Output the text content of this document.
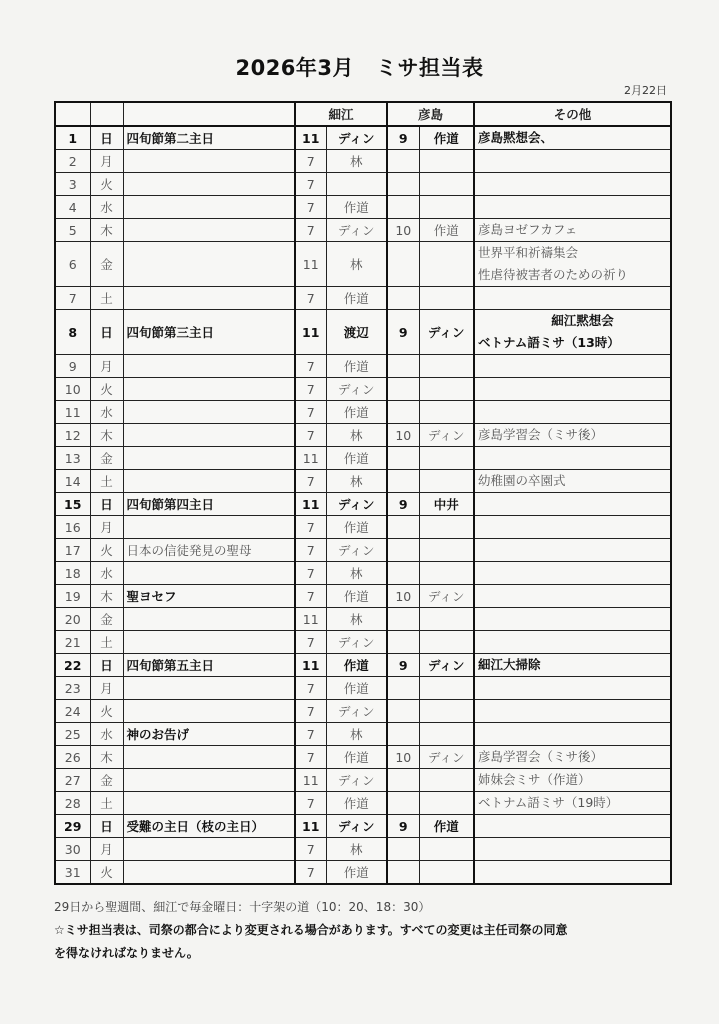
2026年3月 ミサ担当表
2月22日
			細江		彦島		その他
1	日	四旬節第二主日	11	ディン	9	作道	彦島黙想会、
2	月		7	林			
3	火		7				
4	水		7	作道			
5	木		7	ディン	10	作道	彦島ヨゼフカフェ
6	金		11	林			世界平和祈禱集会
性虐待被害者のための祈り

7	土		7	作道			
8	日	四旬節第三主日	11	渡辺	9	ディン	細江黙想会
ベトナム語ミサ（13時）

9	月		7	作道			
10	火		7	ディン			
11	水		7	作道			
12	木		7	林	10	ディン	彦島学習会（ミサ後）
13	金		11	作道			
14	土		7	林			幼稚園の卒園式
15	日	四旬節第四主日	11	ディン	9	中井	
16	月		7	作道			
17	火	日本の信徒発見の聖母	7	ディン			
18	水		7	林			
19	木	聖ヨセフ	7	作道	10	ディン	
20	金		11	林			
21	土		7	ディン			
22	日	四旬節第五主日	11	作道	9	ディン	細江大掃除
23	月		7	作道			
24	火		7	ディン			
25	水	神のお告げ	7	林			
26	木		7	作道	10	ディン	彦島学習会（ミサ後）
27	金		11	ディン			姉妹会ミサ（作道）
28	土		7	作道			ベトナム語ミサ（19時）
29	日	受難の主日（枝の主日）	11	ディン	9	作道	
30	月		7	林			
31	火		7	作道			
29日から聖週間、細江で毎金曜日：十字架の道（10：20、18：30）
☆ミサ担当表は、司祭の都合により変更される場合があります。すべての変更は主任司祭の同意
を得なければなりません。
